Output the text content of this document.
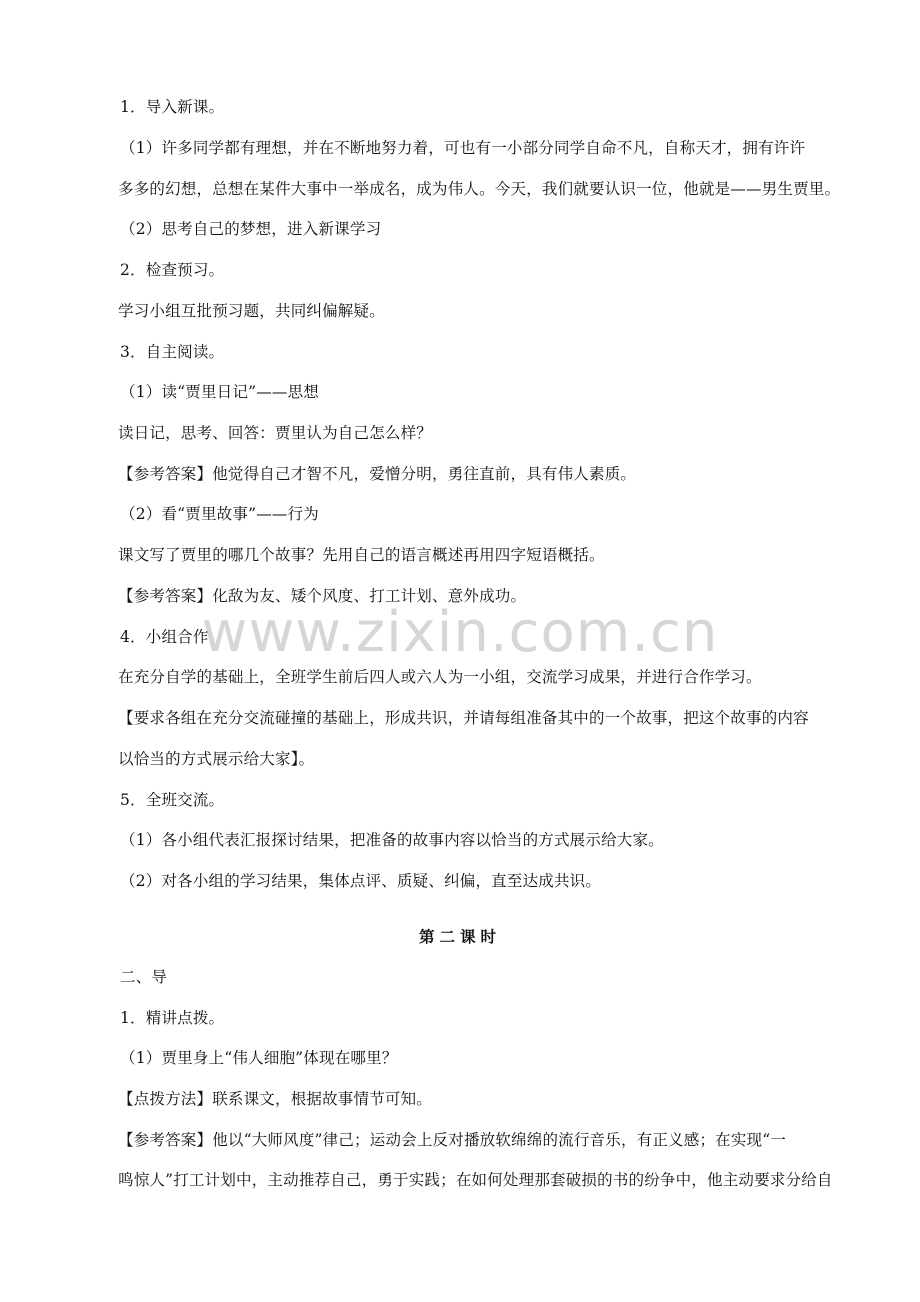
www.zixin.com.cn
1．导入新课。
（1）许多同学都有理想，并在不断地努力着，可也有一小部分同学自命不凡，自称天才，拥有许许
多多的幻想，总想在某件大事中一举成名，成为伟人。今天，我们就要认识一位，他就是——男生贾里。
（2）思考自己的梦想，进入新课学习
2．检查预习。
学习小组互批预习题，共同纠偏解疑。
3．自主阅读。
（1）读“贾里日记”——思想
读日记，思考、回答：贾里认为自己怎么样？
【参考答案】他觉得自己才智不凡，爱憎分明，勇往直前，具有伟人素质。
（2）看“贾里故事”——行为
课文写了贾里的哪几个故事？先用自己的语言概述再用四字短语概括。
【参考答案】化敌为友、矮个风度、打工计划、意外成功。
4．小组合作
在充分自学的基础上，全班学生前后四人或六人为一小组，交流学习成果，并进行合作学习。
【要求各组在充分交流碰撞的基础上，形成共识，并请每组准备其中的一个故事，把这个故事的内容
以恰当的方式展示给大家】。
5．全班交流。
（1）各小组代表汇报探讨结果，把准备的故事内容以恰当的方式展示给大家。
（2）对各小组的学习结果，集体点评、质疑、纠偏，直至达成共识。
第二课时
二、导
1．精讲点拨。
（1）贾里身上“伟人细胞”体现在哪里？
【点拨方法】联系课文，根据故事情节可知。
【参考答案】他以“大师风度”律己；运动会上反对播放软绵绵的流行音乐，有正义感；在实现“一
鸣惊人”打工计划中，主动推荐自己，勇于实践；在如何处理那套破损的书的纷争中，他主动要求分给自
